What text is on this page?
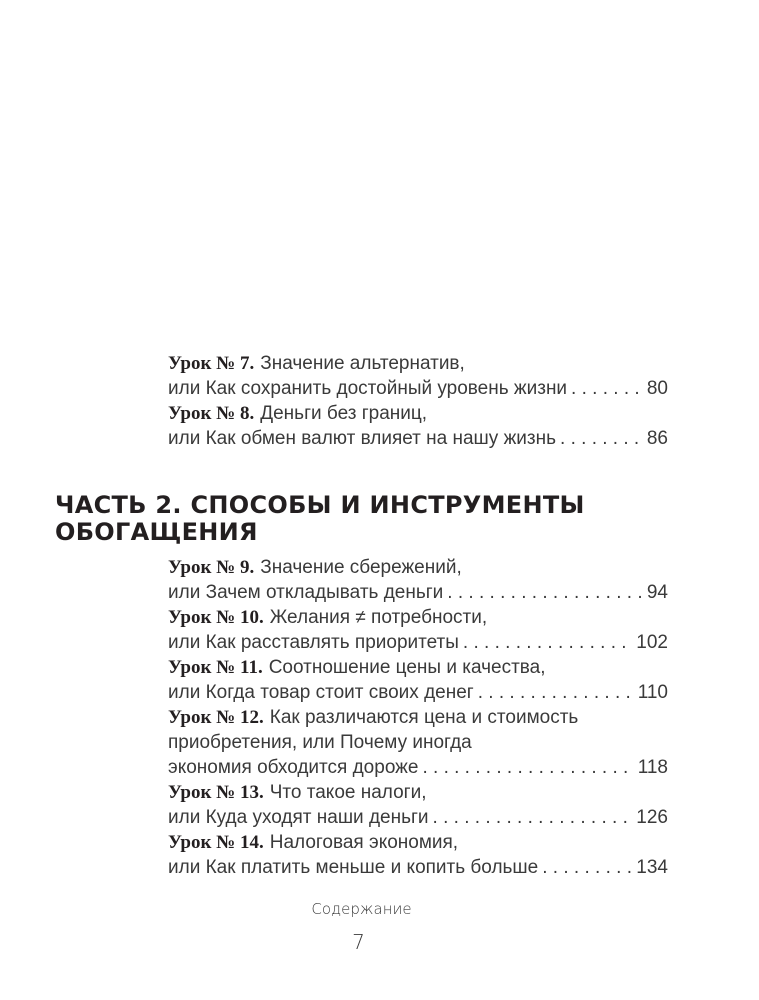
Урок № 7. Значение альтернатив,
или Как сохранить достойный уровень жизни . . .	80
Урок № 8. Деньги без границ,
или Как обмен валют влияет на нашу жизнь . . .	86
ЧАСТЬ 2. СПОСОБЫ И ИНСТРУМЕНТЫ ОБОГАЩЕНИЯ
Урок № 9. Значение сбережений,
или Зачем откладывать деньги . . .	94
Урок № 10. Желания ≠ потребности,
или Как расставлять приоритеты . . .	102
Урок № 11. Соотношение цены и качества,
или Когда товар стоит своих денег . . .	110
Урок № 12. Как различаются цена и стоимость
приобретения, или Почему иногда
экономия обходится дороже . . .	118
Урок № 13. Что такое налоги,
или Куда уходят наши деньги . . .	126
Урок № 14. Налоговая экономия,
или Как платить меньше и копить больше . . .	134
Содержание
7
